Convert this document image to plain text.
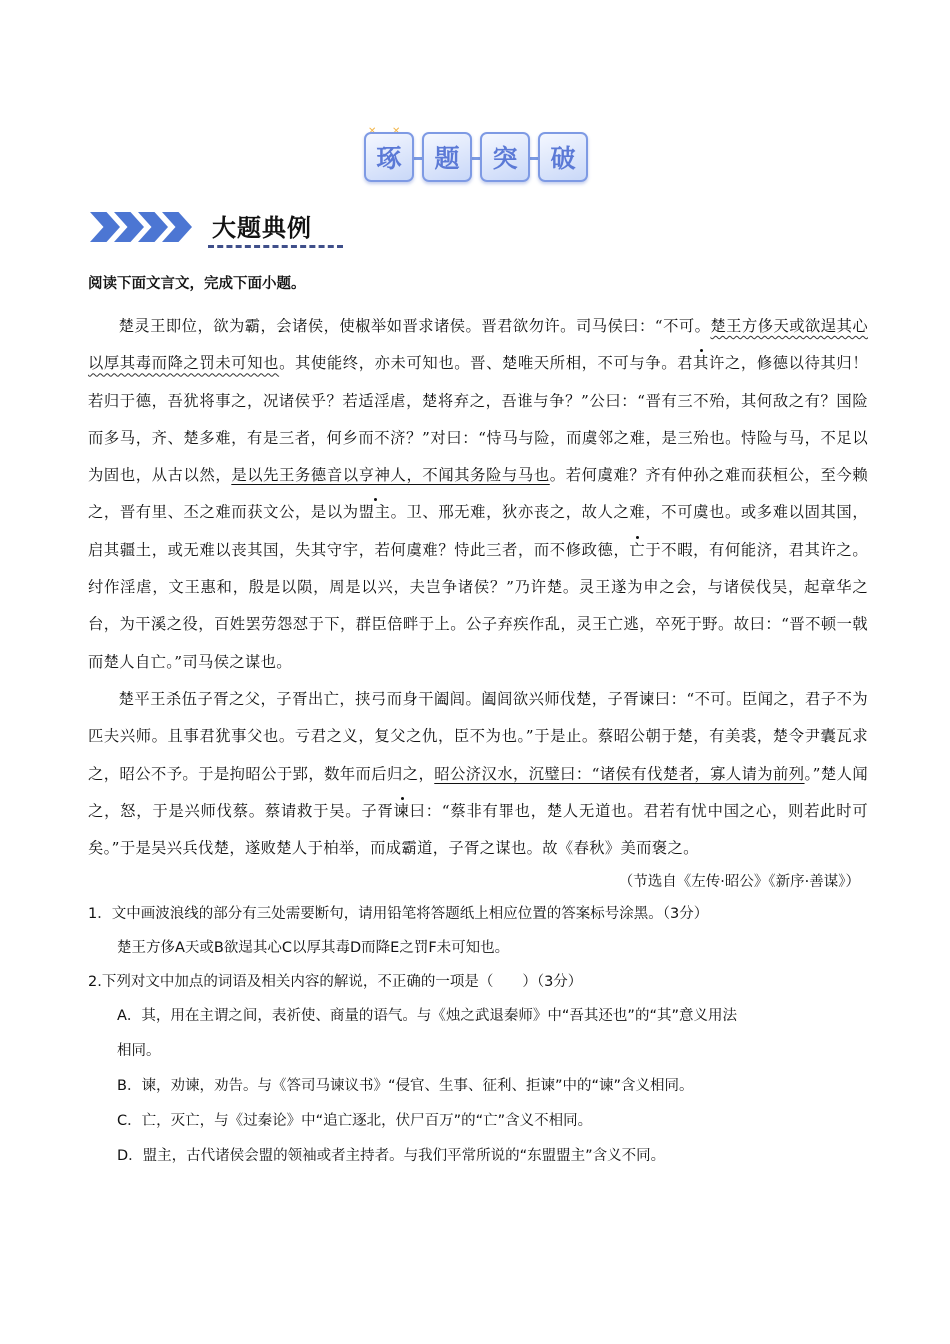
琢	题	突	破
大题典例

阅读下面文言文，完成下面小题。

楚灵王即位，欲为霸，会诸侯，使椒举如晋求诸侯。晋君欲勿许。司马侯曰：“不可。楚王方侈天或欲逞其心以厚其毒而降之罚未可知也。其使能终，亦未可知也。晋、楚唯天所相，不可与争。君其许之，修德以待其归！若归于德，吾犹将事之，况诸侯乎？若适淫虐，楚将弃之，吾谁与争？”公曰：“晋有三不殆，其何敌之有？国险而多马，齐、楚多难，有是三者，何乡而不济？”对曰：“恃马与险，而虞邻之难，是三殆也。恃险与马，不足以为固也，从古以然，是以先王务德音以亨神人，不闻其务险与马也。若何虞难？齐有仲孙之难而获桓公，至今赖之，晋有里、丕之难而获文公，是以为盟主。卫、邢无难，狄亦丧之，故人之难，不可虞也。或多难以固其国，启其疆土，或无难以丧其国，失其守宇，若何虞难？恃此三者，而不修政德，亡于不暇，有何能济，君其许之。纣作淫虐，文王惠和，殷是以陨，周是以兴，夫岂争诸侯？”乃许楚。灵王遂为申之会，与诸侯伐吴，起章华之台，为干溪之役，百姓罢劳怨怼于下，群臣倍畔于上。公子弃疾作乱，灵王亡逃，卒死于野。故曰：“晋不顿一戟而楚人自亡。”司马侯之谋也。

楚平王杀伍子胥之父，子胥出亡，挟弓而身干阖闾。阖闾欲兴师伐楚，子胥谏曰：“不可。臣闻之，君子不为匹夫兴师。且事君犹事父也。亏君之义，复父之仇，臣不为也。”于是止。蔡昭公朝于楚，有美裘，楚令尹囊瓦求之，昭公不予。于是拘昭公于郢，数年而后归之，昭公济汉水，沉璧曰：“诸侯有伐楚者，寡人请为前列。”楚人闻之，怒，于是兴师伐蔡。蔡请救于吴。子胥谏曰：“蔡非有罪也，楚人无道也。君若有忧中国之心，则若此时可矣。”于是吴兴兵伐楚，遂败楚人于柏举，而成霸道，子胥之谋也。故《春秋》美而褒之。

（节选自《左传·昭公》《新序·善谋》）

1．文中画波浪线的部分有三处需要断句，请用铅笔将答题纸上相应位置的答案标号涂黑。（3分）

楚王方侈A天或B欲逞其心C以厚其毒D而降E之罚F未可知也。

2.下列对文中加点的词语及相关内容的解说，不正确的一项是（　　）（3分）

A．其，用在主谓之间，表祈使、商量的语气。与《烛之武退秦师》中“吾其还也”的“其”意义用法

相同。

B．谏，劝谏，劝告。与《答司马谏议书》“侵官、生事、征利、拒谏”中的“谏”含义相同。

C．亡，灭亡，与《过秦论》中“追亡逐北，伏尸百万”的“亡”含义不相同。

D．盟主，古代诸侯会盟的领袖或者主持者。与我们平常所说的“东盟盟主”含义不同。
